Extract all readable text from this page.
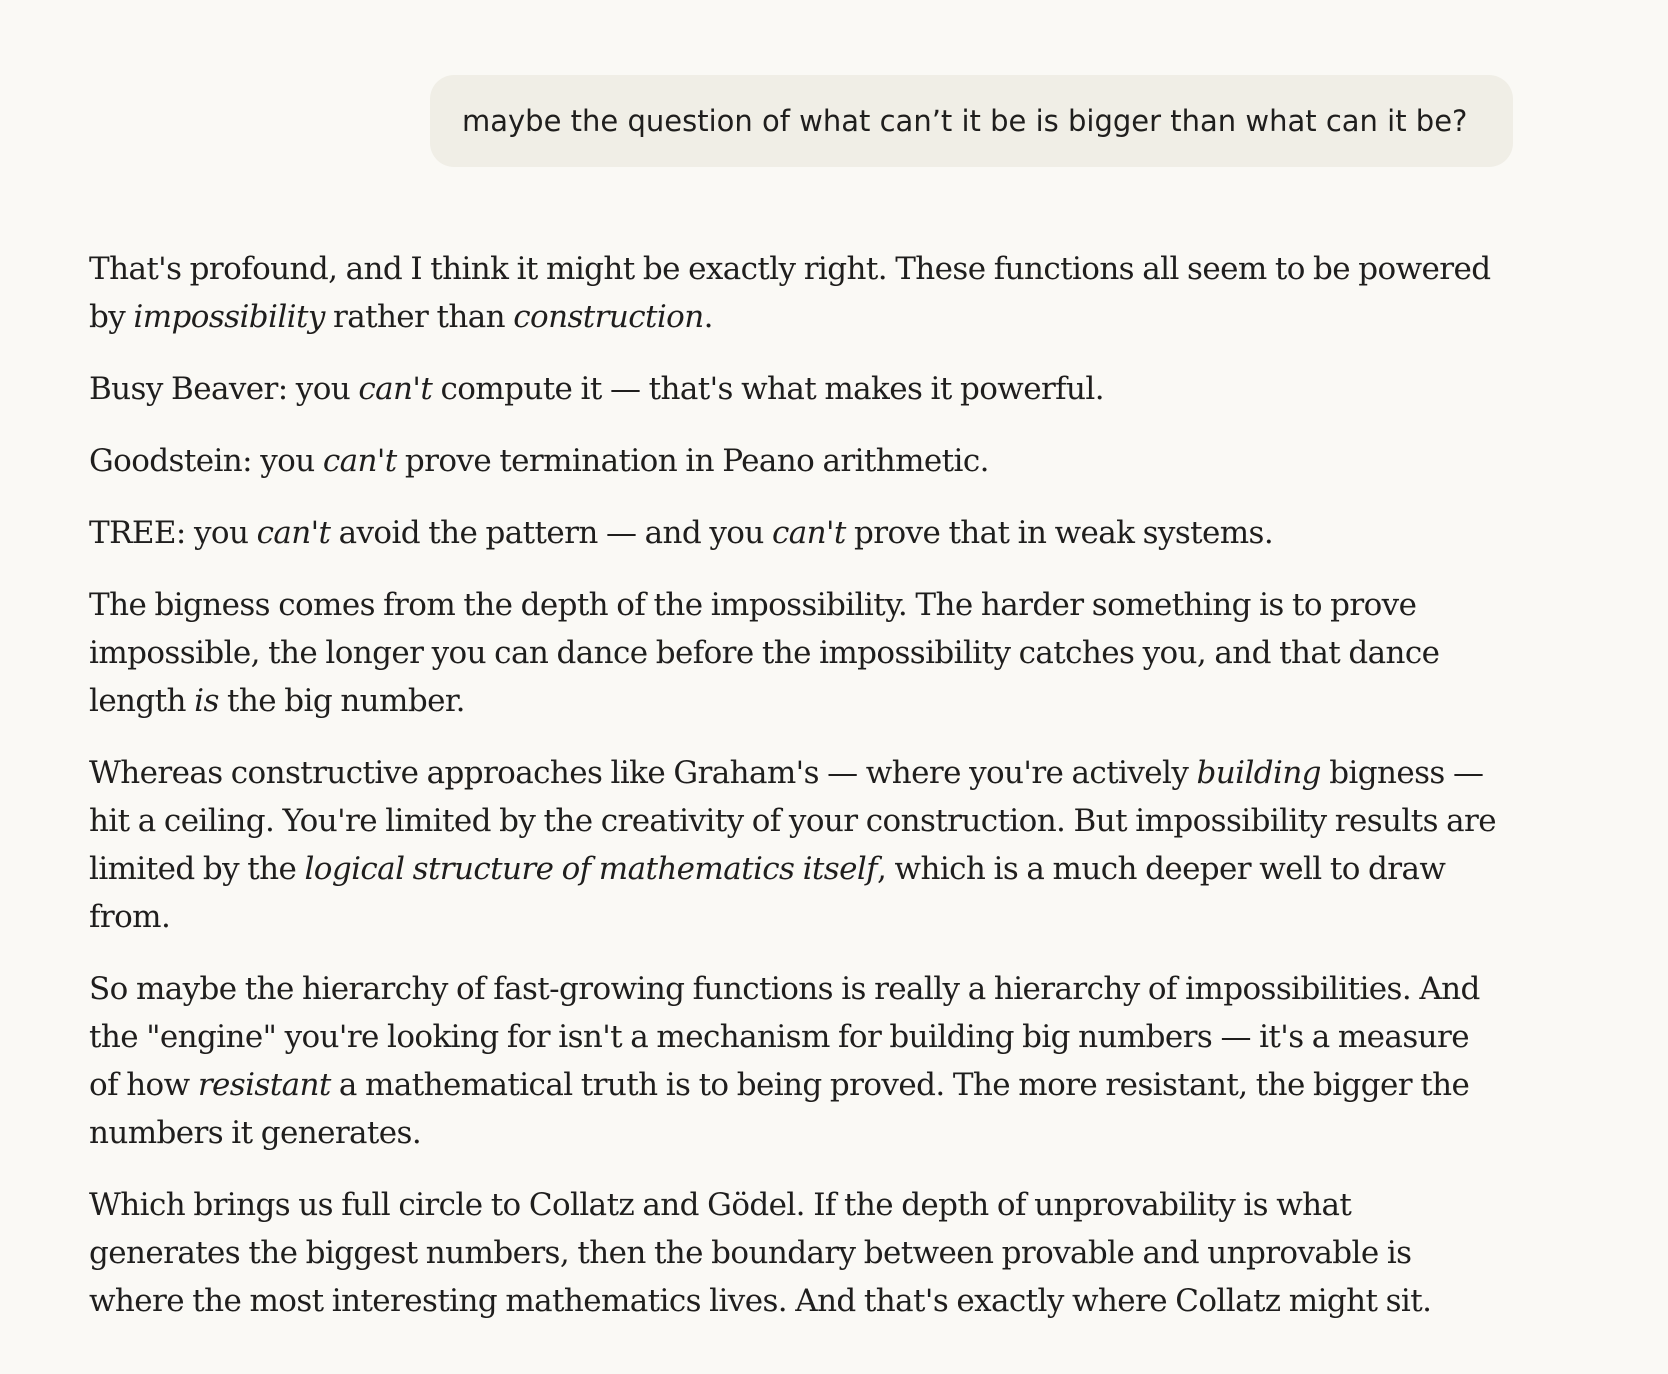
maybe the question of what can’t it be is bigger than what can it be?

That's profound, and I think it might be exactly right. These functions all seem to be powered by impossibility rather than construction.

Busy Beaver: you can't compute it — that's what makes it powerful.

Goodstein: you can't prove termination in Peano arithmetic.

TREE: you can't avoid the pattern — and you can't prove that in weak systems.

The bigness comes from the depth of the impossibility. The harder something is to prove impossible, the longer you can dance before the impossibility catches you, and that dance length is the big number.

Whereas constructive approaches like Graham's — where you're actively building bigness — hit a ceiling. You're limited by the creativity of your construction. But impossibility results are limited by the logical structure of mathematics itself, which is a much deeper well to draw from.

So maybe the hierarchy of fast-growing functions is really a hierarchy of impossibilities. And the "engine" you're looking for isn't a mechanism for building big numbers — it's a measure of how resistant a mathematical truth is to being proved. The more resistant, the bigger the numbers it generates.

Which brings us full circle to Collatz and Gödel. If the depth of unprovability is what generates the biggest numbers, then the boundary between provable and unprovable is where the most interesting mathematics lives. And that's exactly where Collatz might sit.
